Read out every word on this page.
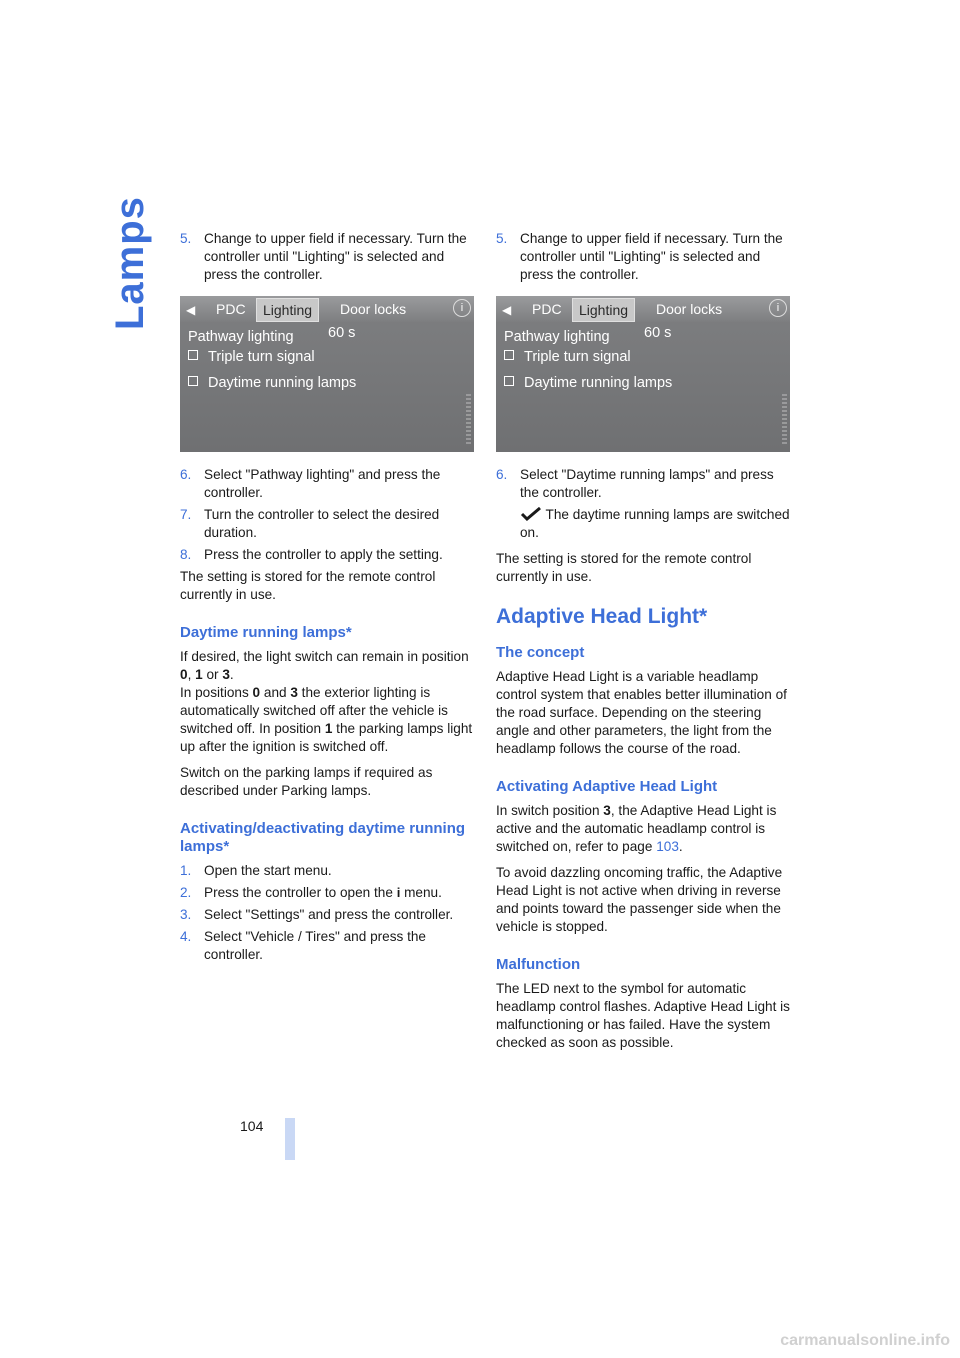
Lamps 5. Change to upper field if necessary. Turn the controller until "Lighting" is selected and press the controller.
◀ PDC	Lighting	Door locks	i
Pathway lighting 60 s
Triple turn signal
Daytime running lamps
6. Select "Pathway lighting" and press the controller.
7. Turn the controller to select the desired duration.
8. Press the controller to apply the setting.

The setting is stored for the remote control currently in use.

Daytime running lamps*

If desired, the light switch can remain in position 0, 1 or 3.
In positions 0 and 3 the exterior lighting is automatically switched off after the vehicle is switched off. In position 1 the parking lamps light up after the ignition is switched off.

Switch on the parking lamps if required as described under Parking lamps.

Activating/deactivating daytime running lamps*
1. Open the start menu.
2. Press the controller to open the i menu.
3. Select "Settings" and press the controller.
4. Select "Vehicle / Tires" and press the controller.
5. Change to upper field if necessary. Turn the controller until "Lighting" is selected and press the controller.
◀ PDC	Lighting	Door locks	i
Pathway lighting 60 s
Triple turn signal
Daytime running lamps
6. Select "Daytime running lamps" and press the controller.

The daytime running lamps are switched on.

The setting is stored for the remote control currently in use.

Adaptive Head Light*
The concept

Adaptive Head Light is a variable headlamp control system that enables better illumination of the road surface. Depending on the steering angle and other parameters, the light from the headlamp follows the course of the road.

Activating Adaptive Head Light

In switch position 3, the Adaptive Head Light is active and the automatic headlamp control is switched on, refer to page 103.

To avoid dazzling oncoming traffic, the Adaptive Head Light is not active when driving in reverse and points toward the passenger side when the vehicle is stopped.

Malfunction

The LED next to the symbol for automatic headlamp control flashes. Adaptive Head Light is malfunctioning or has failed. Have the system checked as soon as possible.

104
carmanualsonline.info
